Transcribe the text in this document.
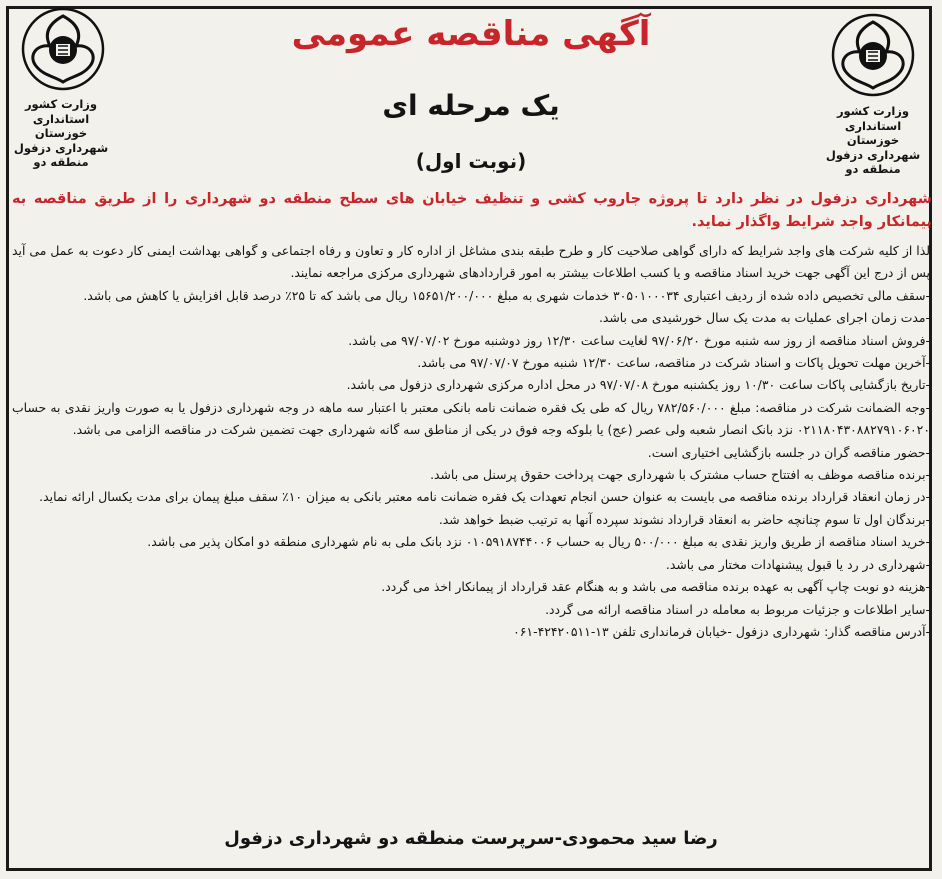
وزارت کشور
استانداری خوزستان
شهرداری دزفول
منطقه دو
وزارت کشور
استانداری خوزستان
شهرداری دزفول
منطقه دو
آگهی مناقصه عمومی
یک مرحله ای
(نوبت اول)
شهرداری دزفول در نظر دارد تا پروژه جاروب کشی و تنظیف خیابان های سطح منطقه دو شهرداری را از طریق مناقصه به پیمانکار واجد شرایط واگذار نماید.

لذا از کلیه شرکت های واجد شرایط که دارای گواهی صلاحیت کار و طرح طبقه بندی مشاغل از اداره کار و تعاون و رفاه اجتماعی و گواهی بهداشت ایمنی کار دعوت به عمل می آید پس از درج این آگهی جهت خرید اسناد مناقصه و یا کسب اطلاعات بیشتر به امور قراردادهای شهرداری مرکزی مراجعه نمایند.

-سقف مالی تخصیص داده شده از ردیف اعتباری ۳۰۵۰۱۰۰۰۳۴ خدمات شهری به مبلغ ۱۵۶۵۱/۲۰۰/۰۰۰ ریال می باشد که تا ۲۵٪ درصد قابل افزایش یا کاهش می باشد.

-مدت زمان اجرای عملیات به مدت یک سال خورشیدی می باشد.

-فروش اسناد مناقصه از روز سه شنبه مورخ ۹۷/۰۶/۲۰ لغایت ساعت ۱۲/۳۰ روز دوشنبه مورخ ۹۷/۰۷/۰۲ می باشد.

-آخرین مهلت تحویل پاکات و اسناد شرکت در مناقصه، ساعت ۱۲/۳۰ شنبه مورخ ۹۷/۰۷/۰۷ می باشد.

-تاریخ بازگشایی پاکات ساعت ۱۰/۳۰ روز یکشنبه مورخ ۹۷/۰۷/۰۸ در محل اداره مرکزی شهرداری دزفول می باشد.

-وجه الضمانت شرکت در مناقصه: مبلغ ۷۸۲/۵۶۰/۰۰۰ ریال که طی یک فقره ضمانت نامه بانکی معتبر با اعتبار سه ماهه در وجه شهرداری دزفول یا به صورت واریز نقدی به حساب ۰۲۱۱۸۰۴۳۰۸۸۲۷۹۱۰۶۰۲۰ نزد بانک انصار شعبه ولی عصر (عج) یا بلوکه وجه فوق در یکی از مناطق سه گانه شهرداری جهت تضمین شرکت در مناقصه الزامی می باشد.

-حضور مناقصه گران در جلسه بازگشایی اختیاری است.

-برنده مناقصه موظف به افتتاح حساب مشترک با شهرداری جهت پرداخت حقوق پرسنل می باشد.

-در زمان انعقاد قرارداد برنده مناقصه می بایست به عنوان حسن انجام تعهدات یک فقره ضمانت نامه معتبر بانکی به میزان ۱۰٪ سقف مبلغ پیمان برای مدت یکسال ارائه نماید.

-برندگان اول تا سوم چنانچه حاضر به انعقاد قرارداد نشوند سپرده آنها به ترتیب ضبط خواهد شد.

-خرید اسناد مناقصه از طریق واریز نقدی به مبلغ ۵۰۰/۰۰۰ ریال به حساب ۰۱۰۵۹۱۸۷۴۴۰۰۶ نزد بانک ملی به نام شهرداری منطقه دو امکان پذیر می باشد.

-شهرداری در رد یا قبول پیشنهادات مختار می باشد.

-هزینه دو نوبت چاپ آگهی به عهده برنده مناقصه می باشد و به هنگام عقد قرارداد از پیمانکار اخذ می گردد.

-سایر اطلاعات و جزئیات مربوط به معامله در اسناد مناقصه ارائه می گردد.

-آدرس مناقصه گذار: شهرداری دزفول -خیابان فرمانداری تلفن ۱۳-۴۲۴۲۰۵۱۱-۰۶۱

رضا سید محمودی-سرپرست منطقه دو شهرداری دزفول
